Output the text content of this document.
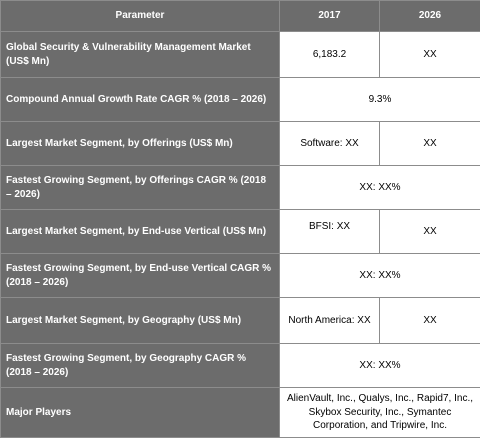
Parameter	2017	2026
Global Security & Vulnerability Management Market (US$ Mn)	6,183.2	XX
Compound Annual Growth Rate CAGR % (2018 – 2026)	9.3%	
Largest Market Segment, by Offerings (US$ Mn)	Software: XX	XX
Fastest Growing Segment, by Offerings CAGR % (2018 – 2026)	XX: XX%	
Largest Market Segment, by End-use Vertical (US$ Mn)	BFSI: XX	XX
Fastest Growing Segment, by End-use Vertical CAGR % (2018 – 2026)	XX: XX%	
Largest Market Segment, by Geography (US$ Mn)	North America: XX	XX
Fastest Growing Segment, by Geography CAGR % (2018 – 2026)	XX: XX%	
Major Players	AlienVault, Inc., Qualys, Inc., Rapid7, Inc., Skybox Security, Inc., Symantec Corporation, and Tripwire, Inc.	
